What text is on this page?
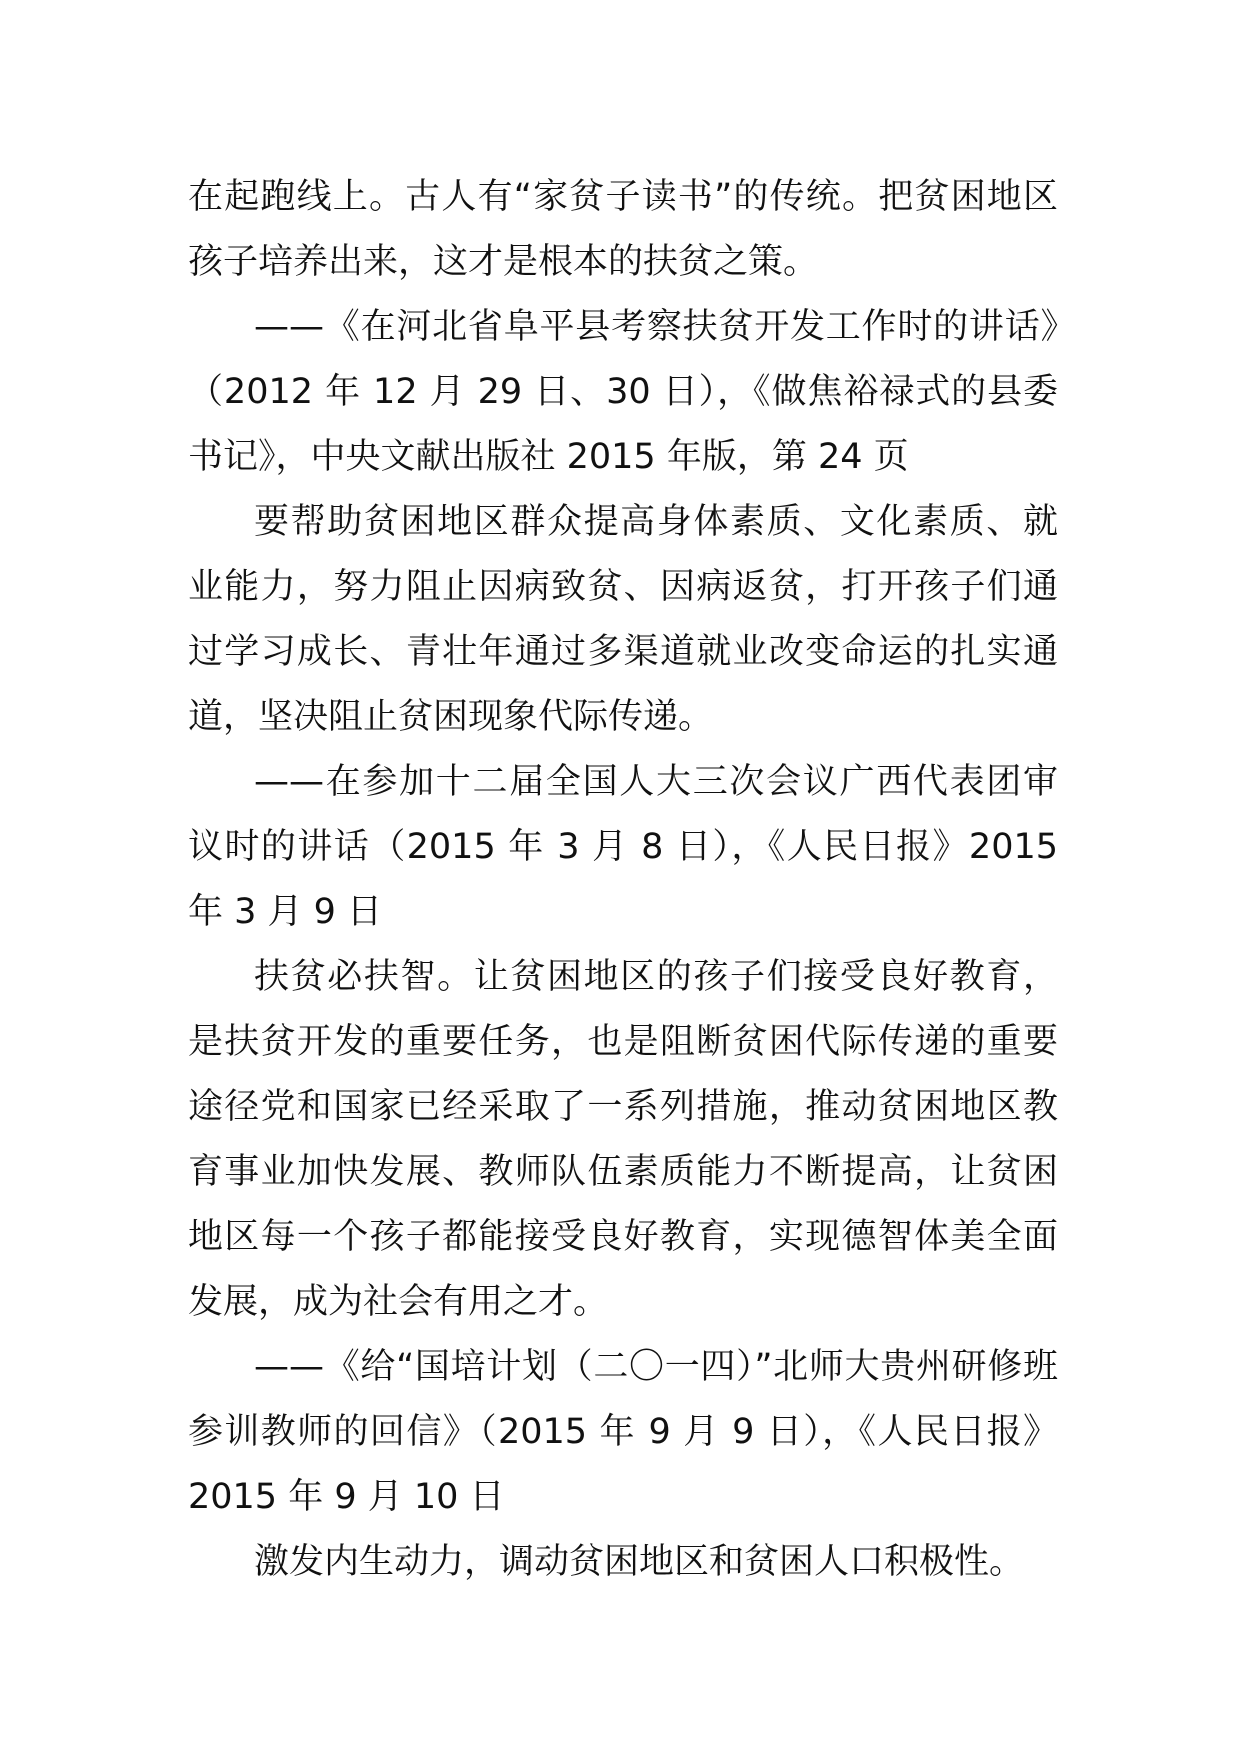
在起跑线上。古人有“家贫子读书”的传统。把贫困地区孩子培养出来，这才是根本的扶贫之策。

——《在河北省阜平县考察扶贫开发工作时的讲话》（2012 年 12 月 29 日、30 日），《做焦裕禄式的县委书记》，中央文献出版社 2015 年版，第 24 页

要帮助贫困地区群众提高身体素质、文化素质、就业能力，努力阻止因病致贫、因病返贫，打开孩子们通过学习成长、青壮年通过多渠道就业改变命运的扎实通道，坚决阻止贫困现象代际传递。

——在参加十二届全国人大三次会议广西代表团审议时的讲话（2015 年 3 月 8 日），《人民日报》2015 年 3 月 9 日

扶贫必扶智。让贫困地区的孩子们接受良好教育，是扶贫开发的重要任务，也是阻断贫困代际传递的重要途径党和国家已经采取了一系列措施，推动贫困地区教育事业加快发展、教师队伍素质能力不断提高，让贫困地区每一个孩子都能接受良好教育，实现德智体美全面发展，成为社会有用之才。

——《给“国培计划（二〇一四）”北师大贵州研修班参训教师的回信》（2015 年 9 月 9 日），《人民日报》2015 年 9 月 10 日

激发内生动力，调动贫困地区和贫困人口积极性。
